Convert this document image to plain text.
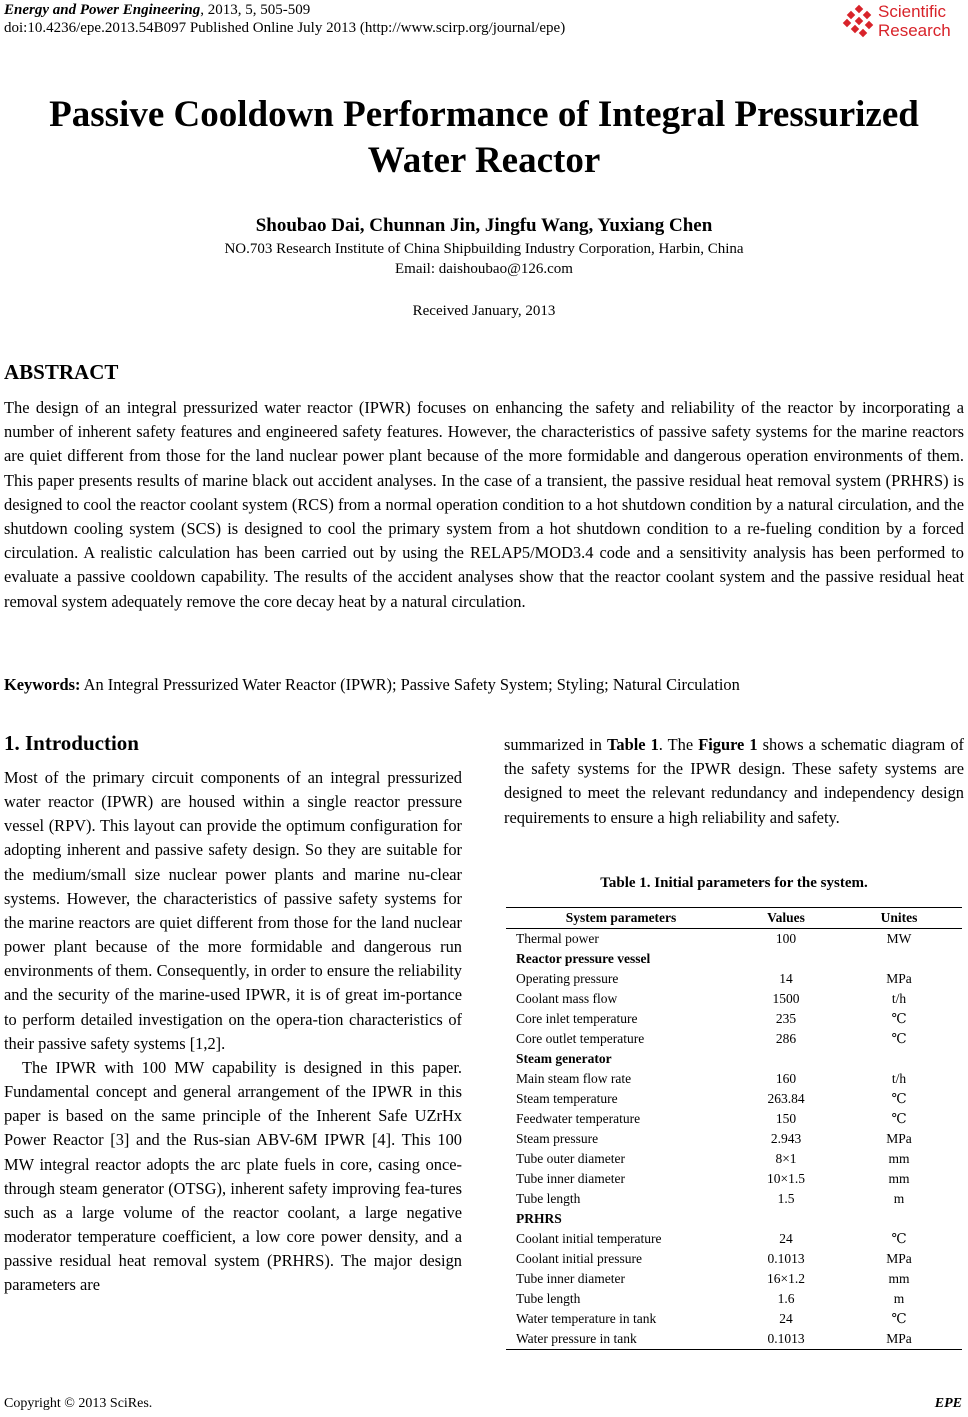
Energy and Power Engineering, 2013, 5, 505-509
doi:10.4236/epe.2013.54B097 Published Online July 2013 (http://www.scirp.org/journal/epe)
Scientific
Research
Passive Cooldown Performance of Integral Pressurized
Water Reactor
Shoubao Dai, Chunnan Jin, Jingfu Wang, Yuxiang Chen
NO.703 Research Institute of China Shipbuilding Industry Corporation, Harbin, China
Email: daishoubao@126.com
Received January, 2013
ABSTRACT
The design of an integral pressurized water reactor (IPWR) focuses on enhancing the safety and reliability of the reactor by incorporating a number of inherent safety features and engineered safety features. However, the characteristics of passive safety systems for the marine reactors are quiet different from those for the land nuclear power plant because of the more formidable and dangerous operation environments of them. This paper presents results of marine black out accident analyses. In the case of a transient, the passive residual heat removal system (PRHRS) is designed to cool the reactor coolant system (RCS) from a normal operation condition to a hot shutdown condition by a natural circulation, and the shutdown cooling system (SCS) is designed to cool the primary system from a hot shutdown condition to a re-fueling condition by a forced circulation. A realistic calculation has been carried out by using the RELAP5/MOD3.4 code and a sensitivity analysis has been performed to evaluate a passive cooldown capability. The results of the accident analyses show that the reactor coolant system and the passive residual heat removal system adequately remove the core decay heat by a natural circulation.
Keywords: An Integral Pressurized Water Reactor (IPWR); Passive Safety System; Styling; Natural Circulation
1. Introduction

Most of the primary circuit components of an integral pressurized water reactor (IPWR) are housed within a single reactor pressure vessel (RPV). This layout can provide the optimum configuration for adopting inherent and passive safety design. So they are suitable for the medium/small size nuclear power plants and marine nu-clear systems. However, the characteristics of passive safety systems for the marine reactors are quiet different from those for the land nuclear power plant because of the more formidable and dangerous run environments of them. Consequently, in order to ensure the reliability and the security of the marine-used IPWR, it is of great im-portance to perform detailed investigation on the opera-tion characteristics of their passive safety systems [1,2].

The IPWR with 100 MW capability is designed in this paper. Fundamental concept and general arrangement of the IPWR in this paper is based on the same principle of the Inherent Safe UZrHx Power Reactor [3] and the Rus-sian ABV-6M IPWR [4]. This 100 MW integral reactor adopts the arc plate fuels in core, casing once-through steam generator (OTSG), inherent safety improving fea-tures such as a large volume of the reactor coolant, a large negative moderator temperature coefficient, a low core power density, and a passive residual heat removal system (PRHRS). The major design parameters are

summarized in Table 1. The Figure 1 shows a schematic diagram of the safety systems for the IPWR design. These safety systems are designed to meet the relevant redundancy and independency design requirements to ensure a high reliability and safety.
Table 1. Initial parameters for the system.
System parameters	Values	Unites
Thermal power	100	MW
Reactor pressure vessel		
Operating pressure	14	MPa
Coolant mass flow	1500	t/h
Core inlet temperature	235	℃
Core outlet temperature	286	℃
Steam generator		
Main steam flow rate	160	t/h
Steam temperature	263.84	℃
Feedwater temperature	150	℃
Steam pressure	2.943	MPa
Tube outer diameter	8×1	mm
Tube inner diameter	10×1.5	mm
Tube length	1.5	m
PRHRS		
Coolant initial temperature	24	℃
Coolant initial pressure	0.1013	MPa
Tube inner diameter	16×1.2	mm
Tube length	1.6	m
Water temperature in tank	24	℃
Water pressure in tank	0.1013	MPa
Copyright © 2013 SciRes.	EPE
